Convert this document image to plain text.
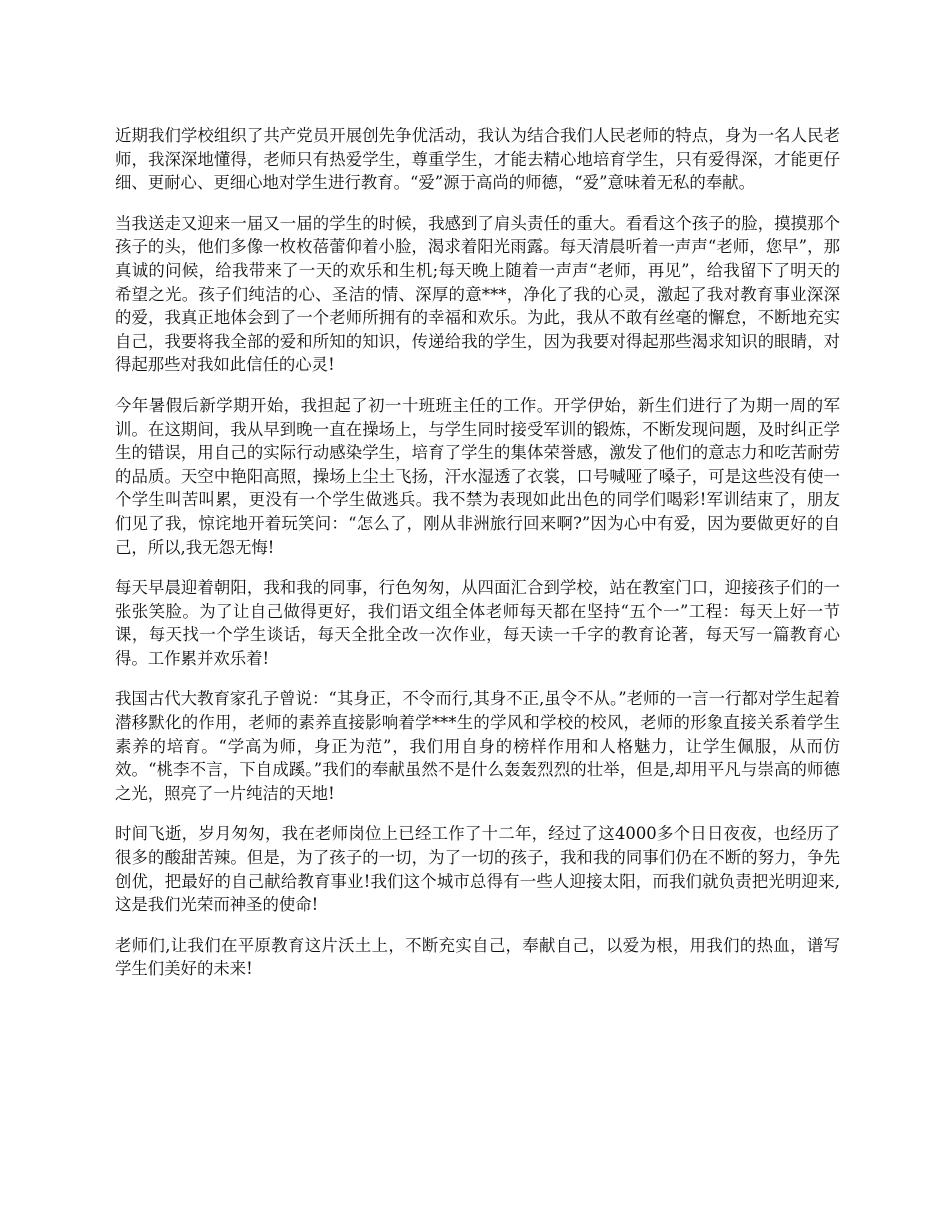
近期我们学校组织了共产党员开展创先争优活动，我认为结合我们人民老师的特点，身为一名人民老师，我深深地懂得，老师只有热爱学生，尊重学生，才能去精心地培育学生，只有爱得深，才能更仔细、更耐心、更细心地对学生进行教育。“爱”源于高尚的师德，“爱”意味着无私的奉献。

当我送走又迎来一届又一届的学生的时候，我感到了肩头责任的重大。看看这个孩子的脸，摸摸那个孩子的头，他们多像一枚枚蓓蕾仰着小脸，渴求着阳光雨露。每天清晨听着一声声“老师，您早”，那真诚的问候，给我带来了一天的欢乐和生机;每天晚上随着一声声“老师，再见”，给我留下了明天的希望之光。孩子们纯洁的心、圣洁的情、深厚的意***，净化了我的心灵，激起了我对教育事业深深的爱，我真正地体会到了一个老师所拥有的幸福和欢乐。为此，我从不敢有丝毫的懈怠，不断地充实自己，我要将我全部的爱和所知的知识，传递给我的学生，因为我要对得起那些渴求知识的眼睛，对得起那些对我如此信任的心灵!

今年暑假后新学期开始，我担起了初一十班班主任的工作。开学伊始，新生们进行了为期一周的军训。在这期间，我从早到晚一直在操场上，与学生同时接受军训的锻炼，不断发现问题，及时纠正学生的错误，用自己的实际行动感染学生，培育了学生的集体荣誉感，激发了他们的意志力和吃苦耐劳的品质。天空中艳阳高照，操场上尘土飞扬，汗水湿透了衣裳，口号喊哑了嗓子，可是这些没有使一个学生叫苦叫累，更没有一个学生做逃兵。我不禁为表现如此出色的同学们喝彩!军训结束了，朋友们见了我，惊诧地开着玩笑问：“怎么了，刚从非洲旅行回来啊?”因为心中有爱，因为要做更好的自己，所以,我无怨无悔!

每天早晨迎着朝阳，我和我的同事，行色匆匆，从四面汇合到学校，站在教室门口，迎接孩子们的一张张笑脸。为了让自己做得更好，我们语文组全体老师每天都在坚持“五个一”工程：每天上好一节课，每天找一个学生谈话，每天全批全改一次作业，每天读一千字的教育论著，每天写一篇教育心得。工作累并欢乐着!

我国古代大教育家孔子曾说：“其身正，不令而行,其身不正,虽令不从。”老师的一言一行都对学生起着潜移默化的作用，老师的素养直接影响着学***生的学风和学校的校风，老师的形象直接关系着学生素养的培育。“学高为师，身正为范”，我们用自身的榜样作用和人格魅力，让学生佩服，从而仿效。“桃李不言，下自成蹊。”我们的奉献虽然不是什么轰轰烈烈的壮举，但是,却用平凡与崇高的师德之光，照亮了一片纯洁的天地!

时间飞逝，岁月匆匆，我在老师岗位上已经工作了十二年，经过了这4000多个日日夜夜，也经历了很多的酸甜苦辣。但是，为了孩子的一切，为了一切的孩子，我和我的同事们仍在不断的努力，争先创优，把最好的自己献给教育事业!我们这个城市总得有一些人迎接太阳，而我们就负责把光明迎来,这是我们光荣而神圣的使命!

老师们,让我们在平原教育这片沃土上，不断充实自己，奉献自己，以爱为根，用我们的热血，谱写学生们美好的未来!
